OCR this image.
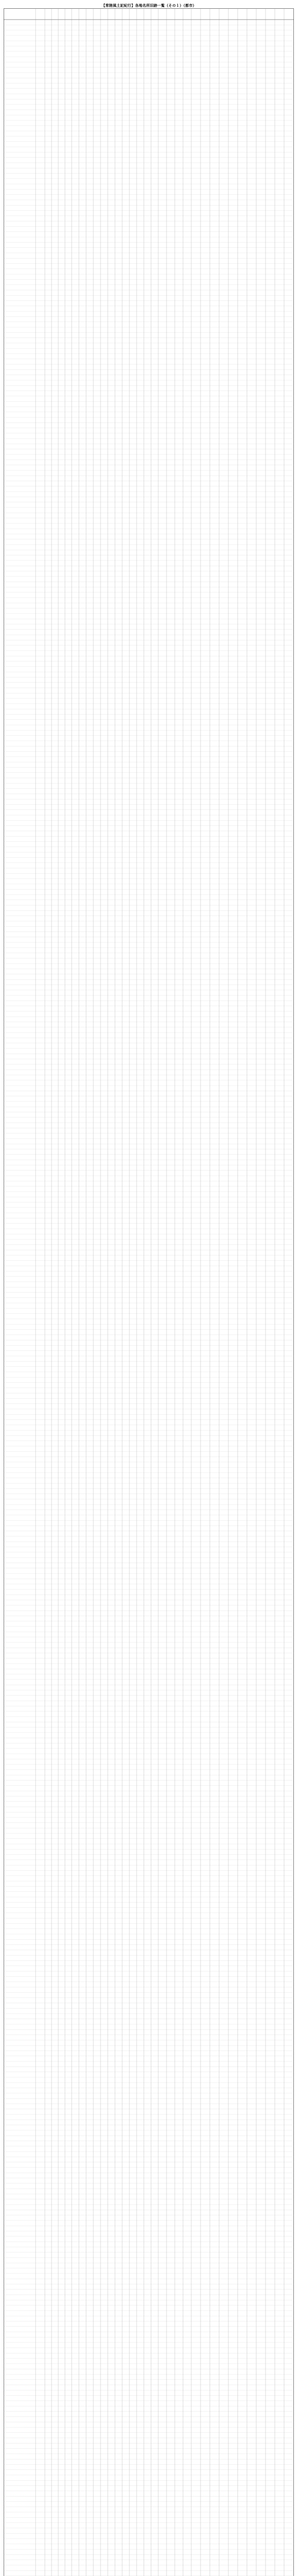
【常陸風土記紀行】各地名所旧跡一覧（その１）（都市）
